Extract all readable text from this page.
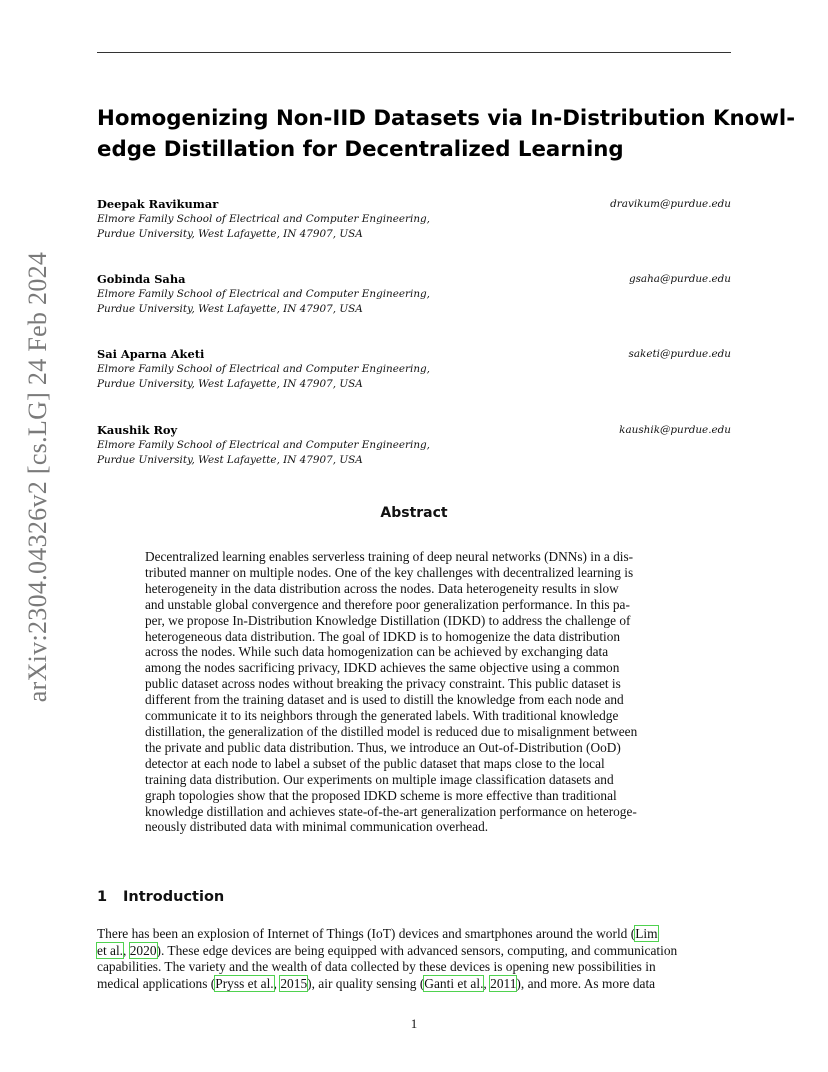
arXiv:2304.04326v2 [cs.LG] 24 Feb 2024
Homogenizing Non-IID Datasets via In-Distribution Knowl-
edge Distillation for Decentralized Learning
Deepak Ravikumar	dravikum@purdue.edu
Elmore Family School of Electrical and Computer Engineering,
Purdue University, West Lafayette, IN 47907, USA
Gobinda Saha	gsaha@purdue.edu
Elmore Family School of Electrical and Computer Engineering,
Purdue University, West Lafayette, IN 47907, USA
Sai Aparna Aketi	saketi@purdue.edu
Elmore Family School of Electrical and Computer Engineering,
Purdue University, West Lafayette, IN 47907, USA
Kaushik Roy	kaushik@purdue.edu
Elmore Family School of Electrical and Computer Engineering,
Purdue University, West Lafayette, IN 47907, USA
Abstract
Decentralized learning enables serverless training of deep neural networks (DNNs) in a dis-
tributed manner on multiple nodes. One of the key challenges with decentralized learning is
heterogeneity in the data distribution across the nodes. Data heterogeneity results in slow
and unstable global convergence and therefore poor generalization performance. In this pa-
per, we propose In-Distribution Knowledge Distillation (IDKD) to address the challenge of
heterogeneous data distribution. The goal of IDKD is to homogenize the data distribution
across the nodes. While such data homogenization can be achieved by exchanging data
among the nodes sacrificing privacy, IDKD achieves the same objective using a common
public dataset across nodes without breaking the privacy constraint. This public dataset is
different from the training dataset and is used to distill the knowledge from each node and
communicate it to its neighbors through the generated labels. With traditional knowledge
distillation, the generalization of the distilled model is reduced due to misalignment between
the private and public data distribution. Thus, we introduce an Out-of-Distribution (OoD)
detector at each node to label a subset of the public dataset that maps close to the local
training data distribution. Our experiments on multiple image classification datasets and
graph topologies show that the proposed IDKD scheme is more effective than traditional
knowledge distillation and achieves state-of-the-art generalization performance on heteroge-
neously distributed data with minimal communication overhead.
1 Introduction
There has been an explosion of Internet of Things (IoT) devices and smartphones around the world (Lim
et al., 2020). These edge devices are being equipped with advanced sensors, computing, and communication
capabilities. The variety and the wealth of data collected by these devices is opening new possibilities in
medical applications (Pryss et al., 2015), air quality sensing (Ganti et al., 2011), and more. As more data
1
